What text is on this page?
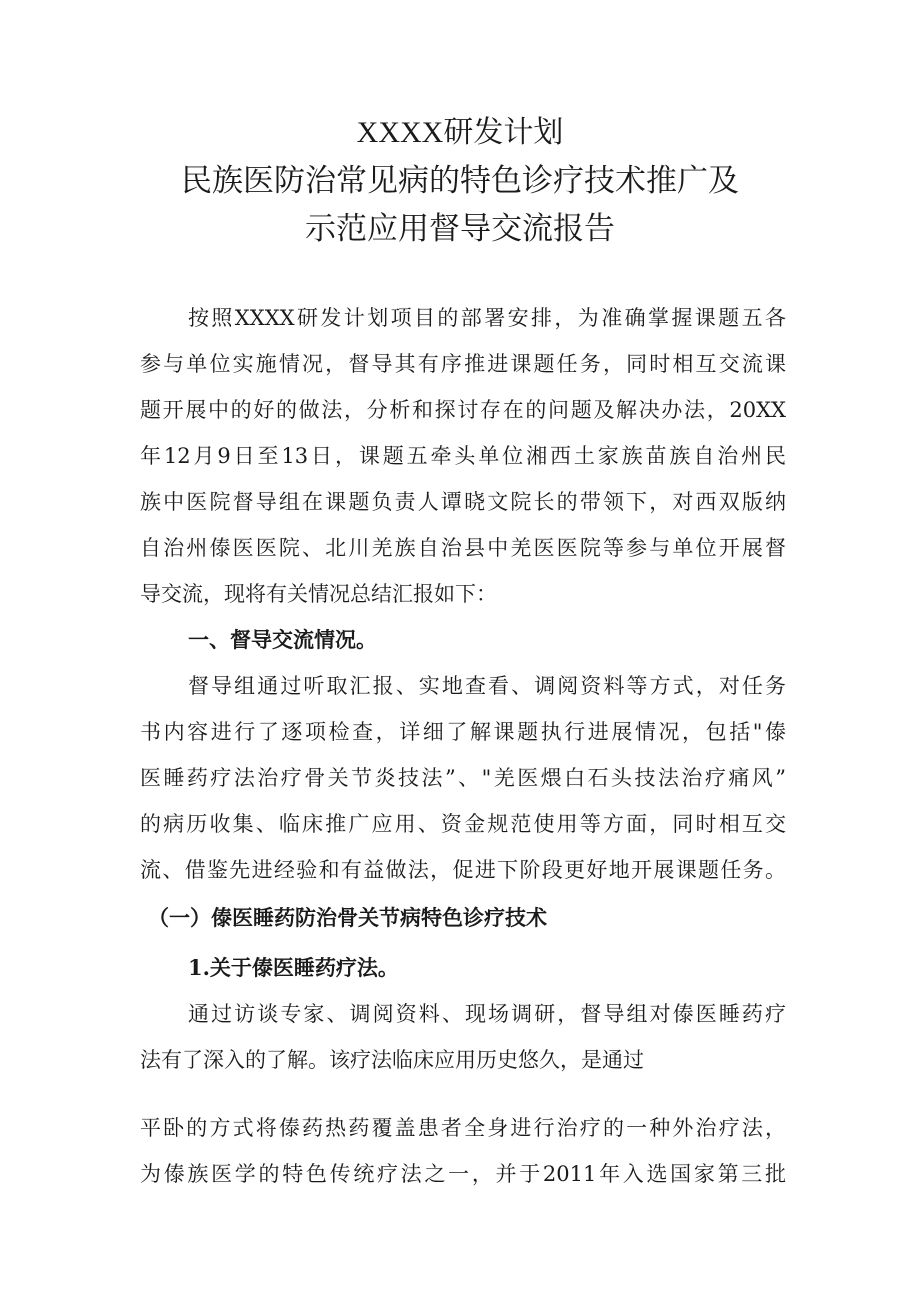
XXXX研发计划
民族医防治常见病的特色诊疗技术推广及
示范应用督导交流报告

按照XXXX研发计划项目的部署安排，为准确掌握课题五各

参与单位实施情况，督导其有序推进课题任务，同时相互交流课

题开展中的好的做法，分析和探讨存在的问题及解决办法，20XX

年12月9日至13日，课题五牵头单位湘西土家族苗族自治州民

族中医院督导组在课题负责人谭晓文院长的带领下，对西双版纳

自治州傣医医院、北川羌族自治县中羌医医院等参与单位开展督

导交流，现将有关情况总结汇报如下：

一、督导交流情况。

督导组通过听取汇报、实地查看、调阅资料等方式，对任务

书内容进行了逐项检查，详细了解课题执行进展情况，包括"傣

医睡药疗法治疗骨关节炎技法”、"羌医煨白石头技法治疗痛风”

的病历收集、临床推广应用、资金规范使用等方面，同时相互交

流、借鉴先进经验和有益做法，促进下阶段更好地开展课题任务。

（一）傣医睡药防治骨关节病特色诊疗技术

1.关于傣医睡药疗法。

通过访谈专家、调阅资料、现场调研，督导组对傣医睡药疗

法有了深入的了解。该疗法临床应用历史悠久，是通过

平卧的方式将傣药热药覆盖患者全身进行治疗的一种外治疗法，

为傣族医学的特色传统疗法之一，并于2011年入选国家第三批
